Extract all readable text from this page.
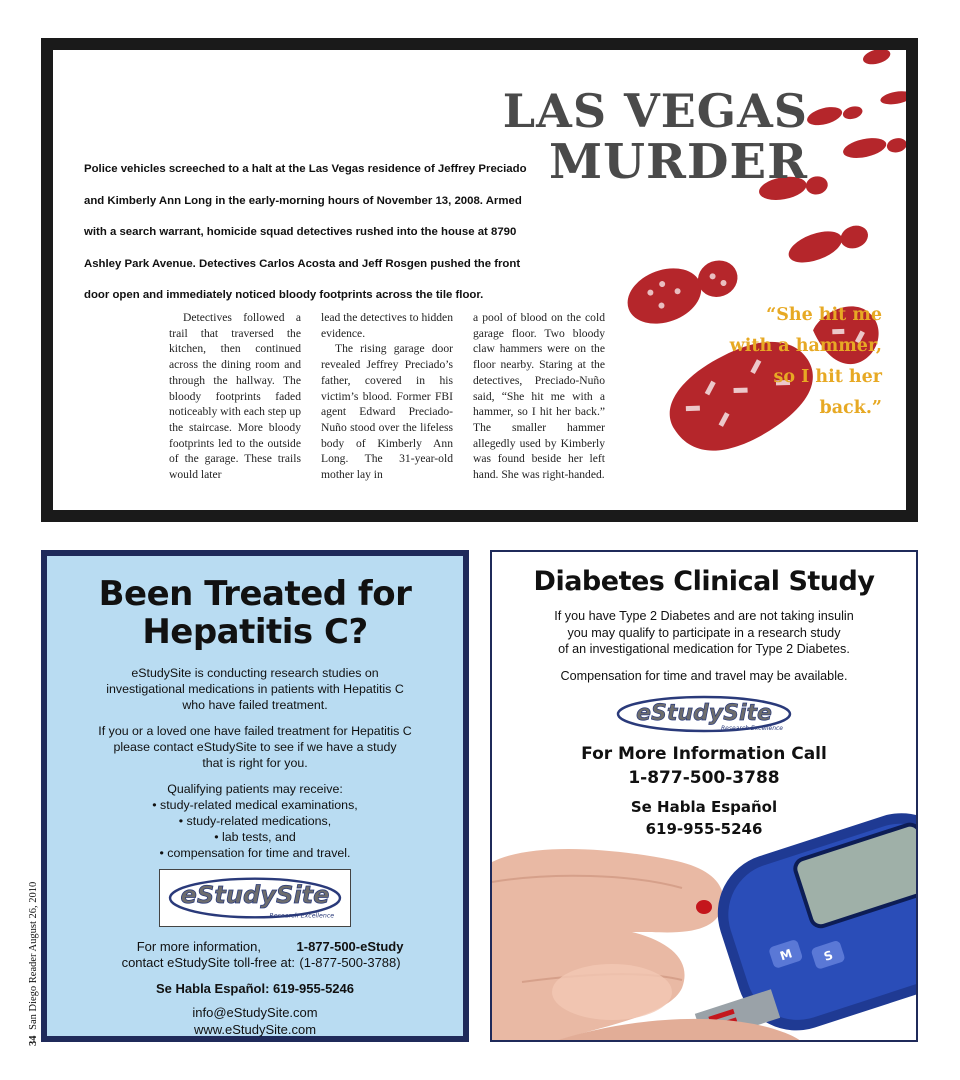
LAS VEGAS
MURDER
Police vehicles screeched to a halt at the Las Vegas residence of Jeffrey Preciado
and Kimberly Ann Long in the early-morning hours of November 13, 2008. Armed
with a search warrant, homicide squad detectives rushed into the house at 8790
Ashley Park Avenue. Detectives Carlos Acosta and Jeff Rosgen pushed the front
door open and immediately noticed bloody footprints across the tile floor.

Detectives followed a trail that traversed the kitchen, then continued across the dining room and through the hallway. The bloody footprints faded noticeably with each step up the staircase. More bloody footprints led to the outside of the garage. These trails would later

lead the detectives to hidden evidence.

The rising garage door revealed Jeffrey Preciado’s father, covered in his victim’s blood. Former FBI agent Edward Preciado-Nuño stood over the lifeless body of Kimberly Ann Long. The 31-year-old mother lay in

a pool of blood on the cold garage floor. Two bloody claw hammers were on the floor nearby. Staring at the detectives, Preciado-Nuño said, “She hit me with a hammer, so I hit her back.” The smaller hammer allegedly used by Kimberly was found beside her left hand. She was right-handed.

“She hit me
with a hammer,
so I hit her
back.”
Been Treated for
Hepatitis C?
eStudySite is conducting research studies on
investigational medications in patients with Hepatitis C
who have failed treatment.
If you or a loved one have failed treatment for Hepatitis C
please contact eStudySite to see if we have a study
that is right for you.
Qualifying patients may receive:
• study-related medical examinations,
• study-related medications,
• lab tests, and
• compensation for time and travel.
eStudySite
Research Excellence
For more information,
contact eStudySite toll-free at:
1-877-500-eStudy
(1-877-500-3788)
Se Habla Español: 619-955-5246
info@eStudySite.com
www.eStudySite.com
M S
Diabetes Clinical Study
If you have Type 2 Diabetes and are not taking insulin
you may qualify to participate in a research study
of an investigational medication for Type 2 Diabetes.
Compensation for time and travel may be available.
eStudySite
Research Excellence
For More Information Call
1-877-500-3788
Se Habla Español
619-955-5246
34 San Diego Reader August 26, 2010
